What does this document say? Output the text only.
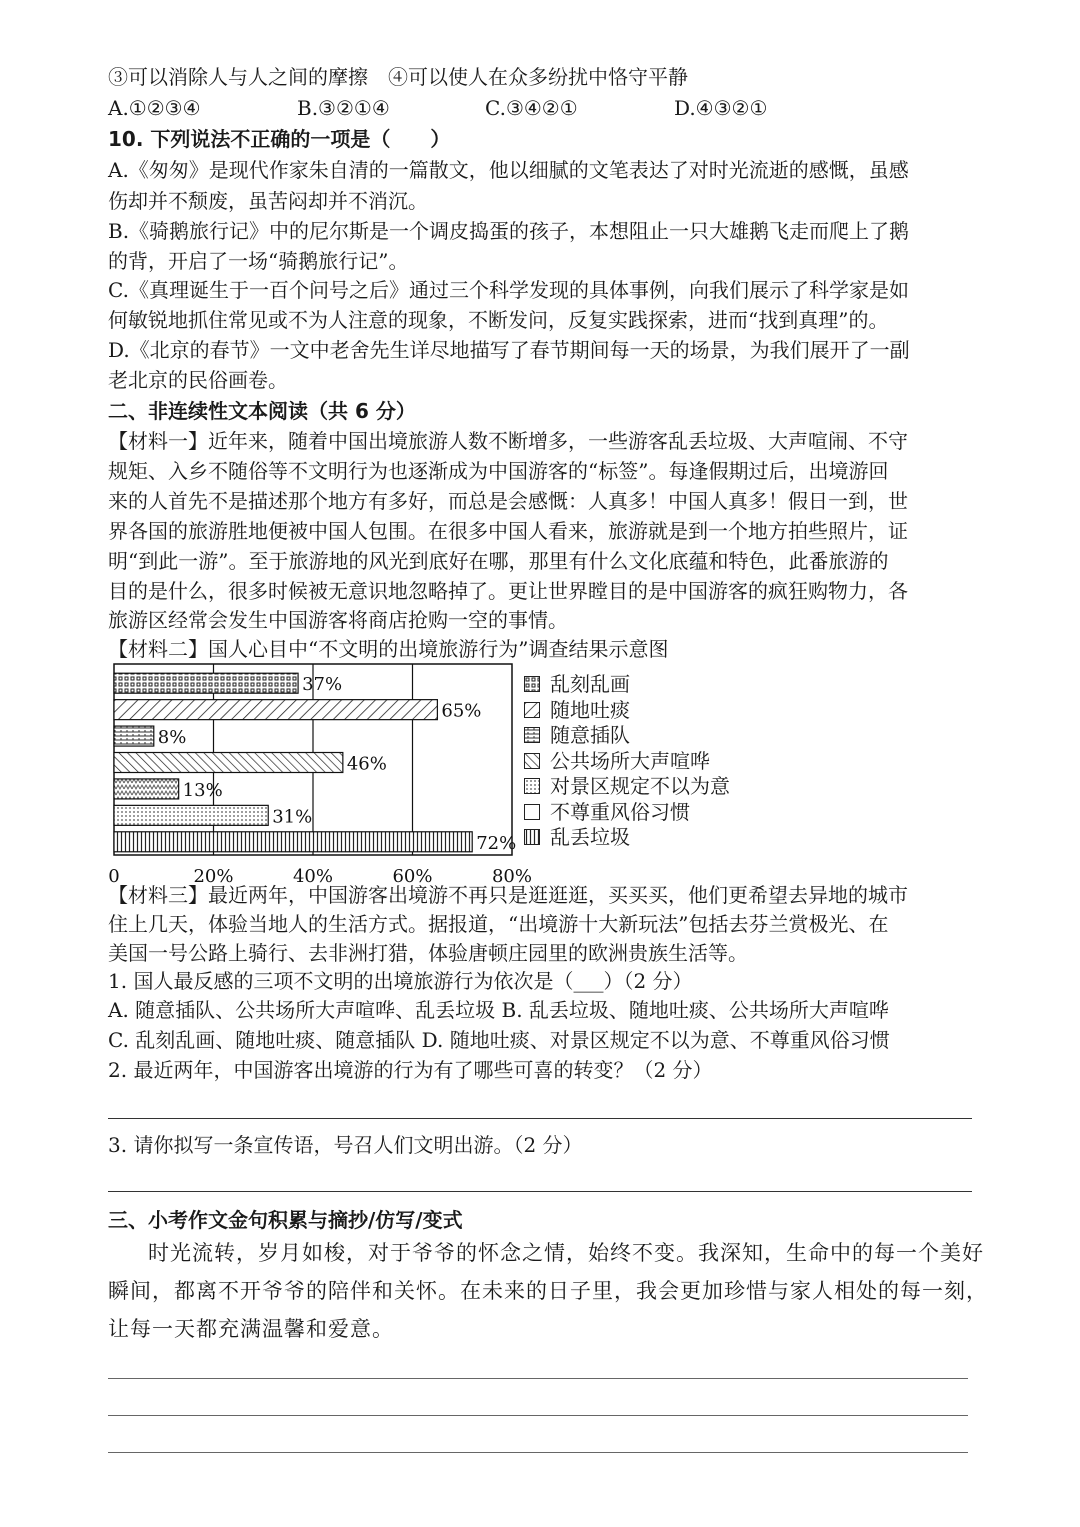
③可以消除人与人之间的摩擦　④可以使人在众多纷扰中恪守平静
A.①②③④	B.③②①④	C.③④②①	D.④③②①
10. 下列说法不正确的一项是（　　）
A.《匆匆》是现代作家朱自清的一篇散文，他以细腻的文笔表达了对时光流逝的感慨，虽感
伤却并不颓废，虽苦闷却并不消沉。
B.《骑鹅旅行记》中的尼尔斯是一个调皮捣蛋的孩子，本想阻止一只大雄鹅飞走而爬上了鹅
的背，开启了一场“骑鹅旅行记”。
C.《真理诞生于一百个问号之后》通过三个科学发现的具体事例，向我们展示了科学家是如
何敏锐地抓住常见或不为人注意的现象，不断发问，反复实践探索，进而“找到真理”的。
D.《北京的春节》一文中老舍先生详尽地描写了春节期间每一天的场景，为我们展开了一副
老北京的民俗画卷。
二、非连续性文本阅读（共 6 分）
【材料一】近年来，随着中国出境旅游人数不断增多，一些游客乱丢垃圾、大声喧闹、不守
规矩、入乡不随俗等不文明行为也逐渐成为中国游客的“标签”。每逢假期过后，出境游回
来的人首先不是描述那个地方有多好，而总是会感慨：人真多！中国人真多！假日一到，世
界各国的旅游胜地便被中国人包围。在很多中国人看来，旅游就是到一个地方拍些照片，证
明“到此一游”。至于旅游地的风光到底好在哪，那里有什么文化底蕴和特色，此番旅游的
目的是什么，很多时候被无意识地忽略掉了。更让世界瞠目的是中国游客的疯狂购物力，各
旅游区经常会发生中国游客将商店抢购一空的事情。
【材料二】国人心目中“不文明的出境旅游行为”调查结果示意图
37%
65%
8%
46%
13%
31%
72%
0	20%	40%	60%	80%
乱刻乱画
随地吐痰
随意插队
公共场所大声喧哗
对景区规定不以为意
不尊重风俗习惯
乱丢垃圾
【材料三】最近两年，中国游客出境游不再只是逛逛逛，买买买，他们更希望去异地的城市
住上几天，体验当地人的生活方式。据报道，“出境游十大新玩法”包括去芬兰赏极光、在
美国一号公路上骑行、去非洲打猎，体验唐顿庄园里的欧洲贵族生活等。
1. 国人最反感的三项不文明的出境旅游行为依次是（___）（2 分）
A. 随意插队、公共场所大声喧哗、乱丢垃圾 B. 乱丢垃圾、随地吐痰、公共场所大声喧哗
C. 乱刻乱画、随地吐痰、随意插队 D. 随地吐痰、对景区规定不以为意、不尊重风俗习惯
2. 最近两年，中国游客出境游的行为有了哪些可喜的转变？（2 分）
3. 请你拟写一条宣传语，号召人们文明出游。（2 分）
三、小考作文金句积累与摘抄/仿写/变式
时光流转，岁月如梭，对于爷爷的怀念之情，始终不变。我深知，生命中的每一个美好
瞬间，都离不开爷爷的陪伴和关怀。在未来的日子里，我会更加珍惜与家人相处的每一刻，
让每一天都充满温馨和爱意。
